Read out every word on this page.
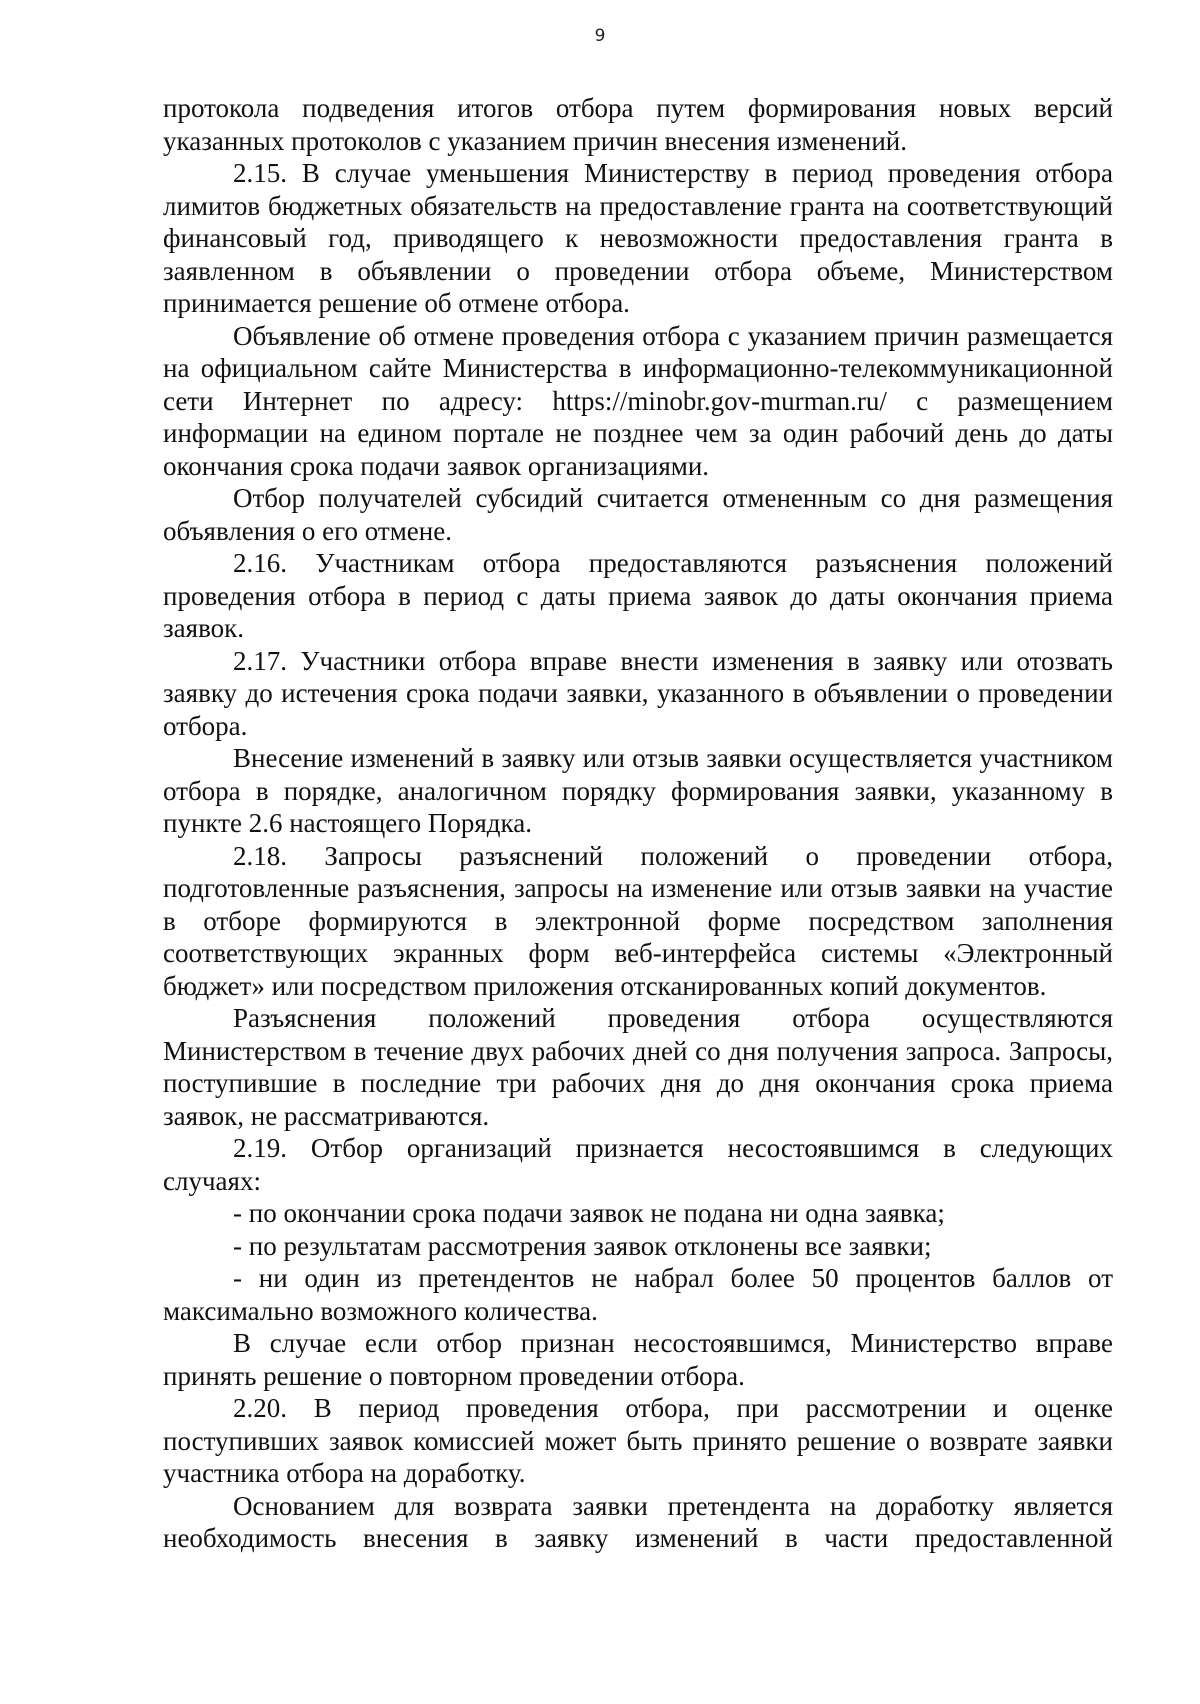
9

протокола подведения итогов отбора путем формирования новых версий указанных протоколов с указанием причин внесения изменений.

2.15. В случае уменьшения Министерству в период проведения отбора лимитов бюджетных обязательств на предоставление гранта на соответствующий финансовый год, приводящего к невозможности предоставления гранта в заявленном в объявлении о проведении отбора объеме, Министерством принимается решение об отмене отбора.

Объявление об отмене проведения отбора с указанием причин размещается на официальном сайте Министерства в информационно-телекоммуникационной сети Интернет по адресу: https://minobr.gov-murman.ru/ с размещением информации на едином портале не позднее чем за один рабочий день до даты окончания срока подачи заявок организациями.

Отбор получателей субсидий считается отмененным со дня размещения объявления о его отмене.

2.16. Участникам отбора предоставляются разъяснения положений проведения отбора в период с даты приема заявок до даты окончания приема заявок.

2.17. Участники отбора вправе внести изменения в заявку или отозвать заявку до истечения срока подачи заявки, указанного в объявлении о проведении отбора.

Внесение изменений в заявку или отзыв заявки осуществляется участником отбора в порядке, аналогичном порядку формирования заявки, указанному в пункте 2.6 настоящего Порядка.

2.18. Запросы разъяснений положений о проведении отбора, подготовленные разъяснения, запросы на изменение или отзыв заявки на участие в отборе формируются в электронной форме посредством заполнения соответствующих экранных форм веб-интерфейса системы «Электронный бюджет» или посредством приложения отсканированных копий документов.

Разъяснения положений проведения отбора осуществляются Министерством в течение двух рабочих дней со дня получения запроса. Запросы, поступившие в последние три рабочих дня до дня окончания срока приема заявок, не рассматриваются.

2.19. Отбор организаций признается несостоявшимся в следующих случаях:

- по окончании срока подачи заявок не подана ни одна заявка;

- по результатам рассмотрения заявок отклонены все заявки;

- ни один из претендентов не набрал более 50 процентов баллов от максимально возможного количества.

В случае если отбор признан несостоявшимся, Министерство вправе принять решение о повторном проведении отбора.

2.20. В период проведения отбора, при рассмотрении и оценке поступивших заявок комиссией может быть принято решение о возврате заявки участника отбора на доработку.

Основанием для возврата заявки претендента на доработку является необходимость внесения в заявку изменений в части предоставленной
